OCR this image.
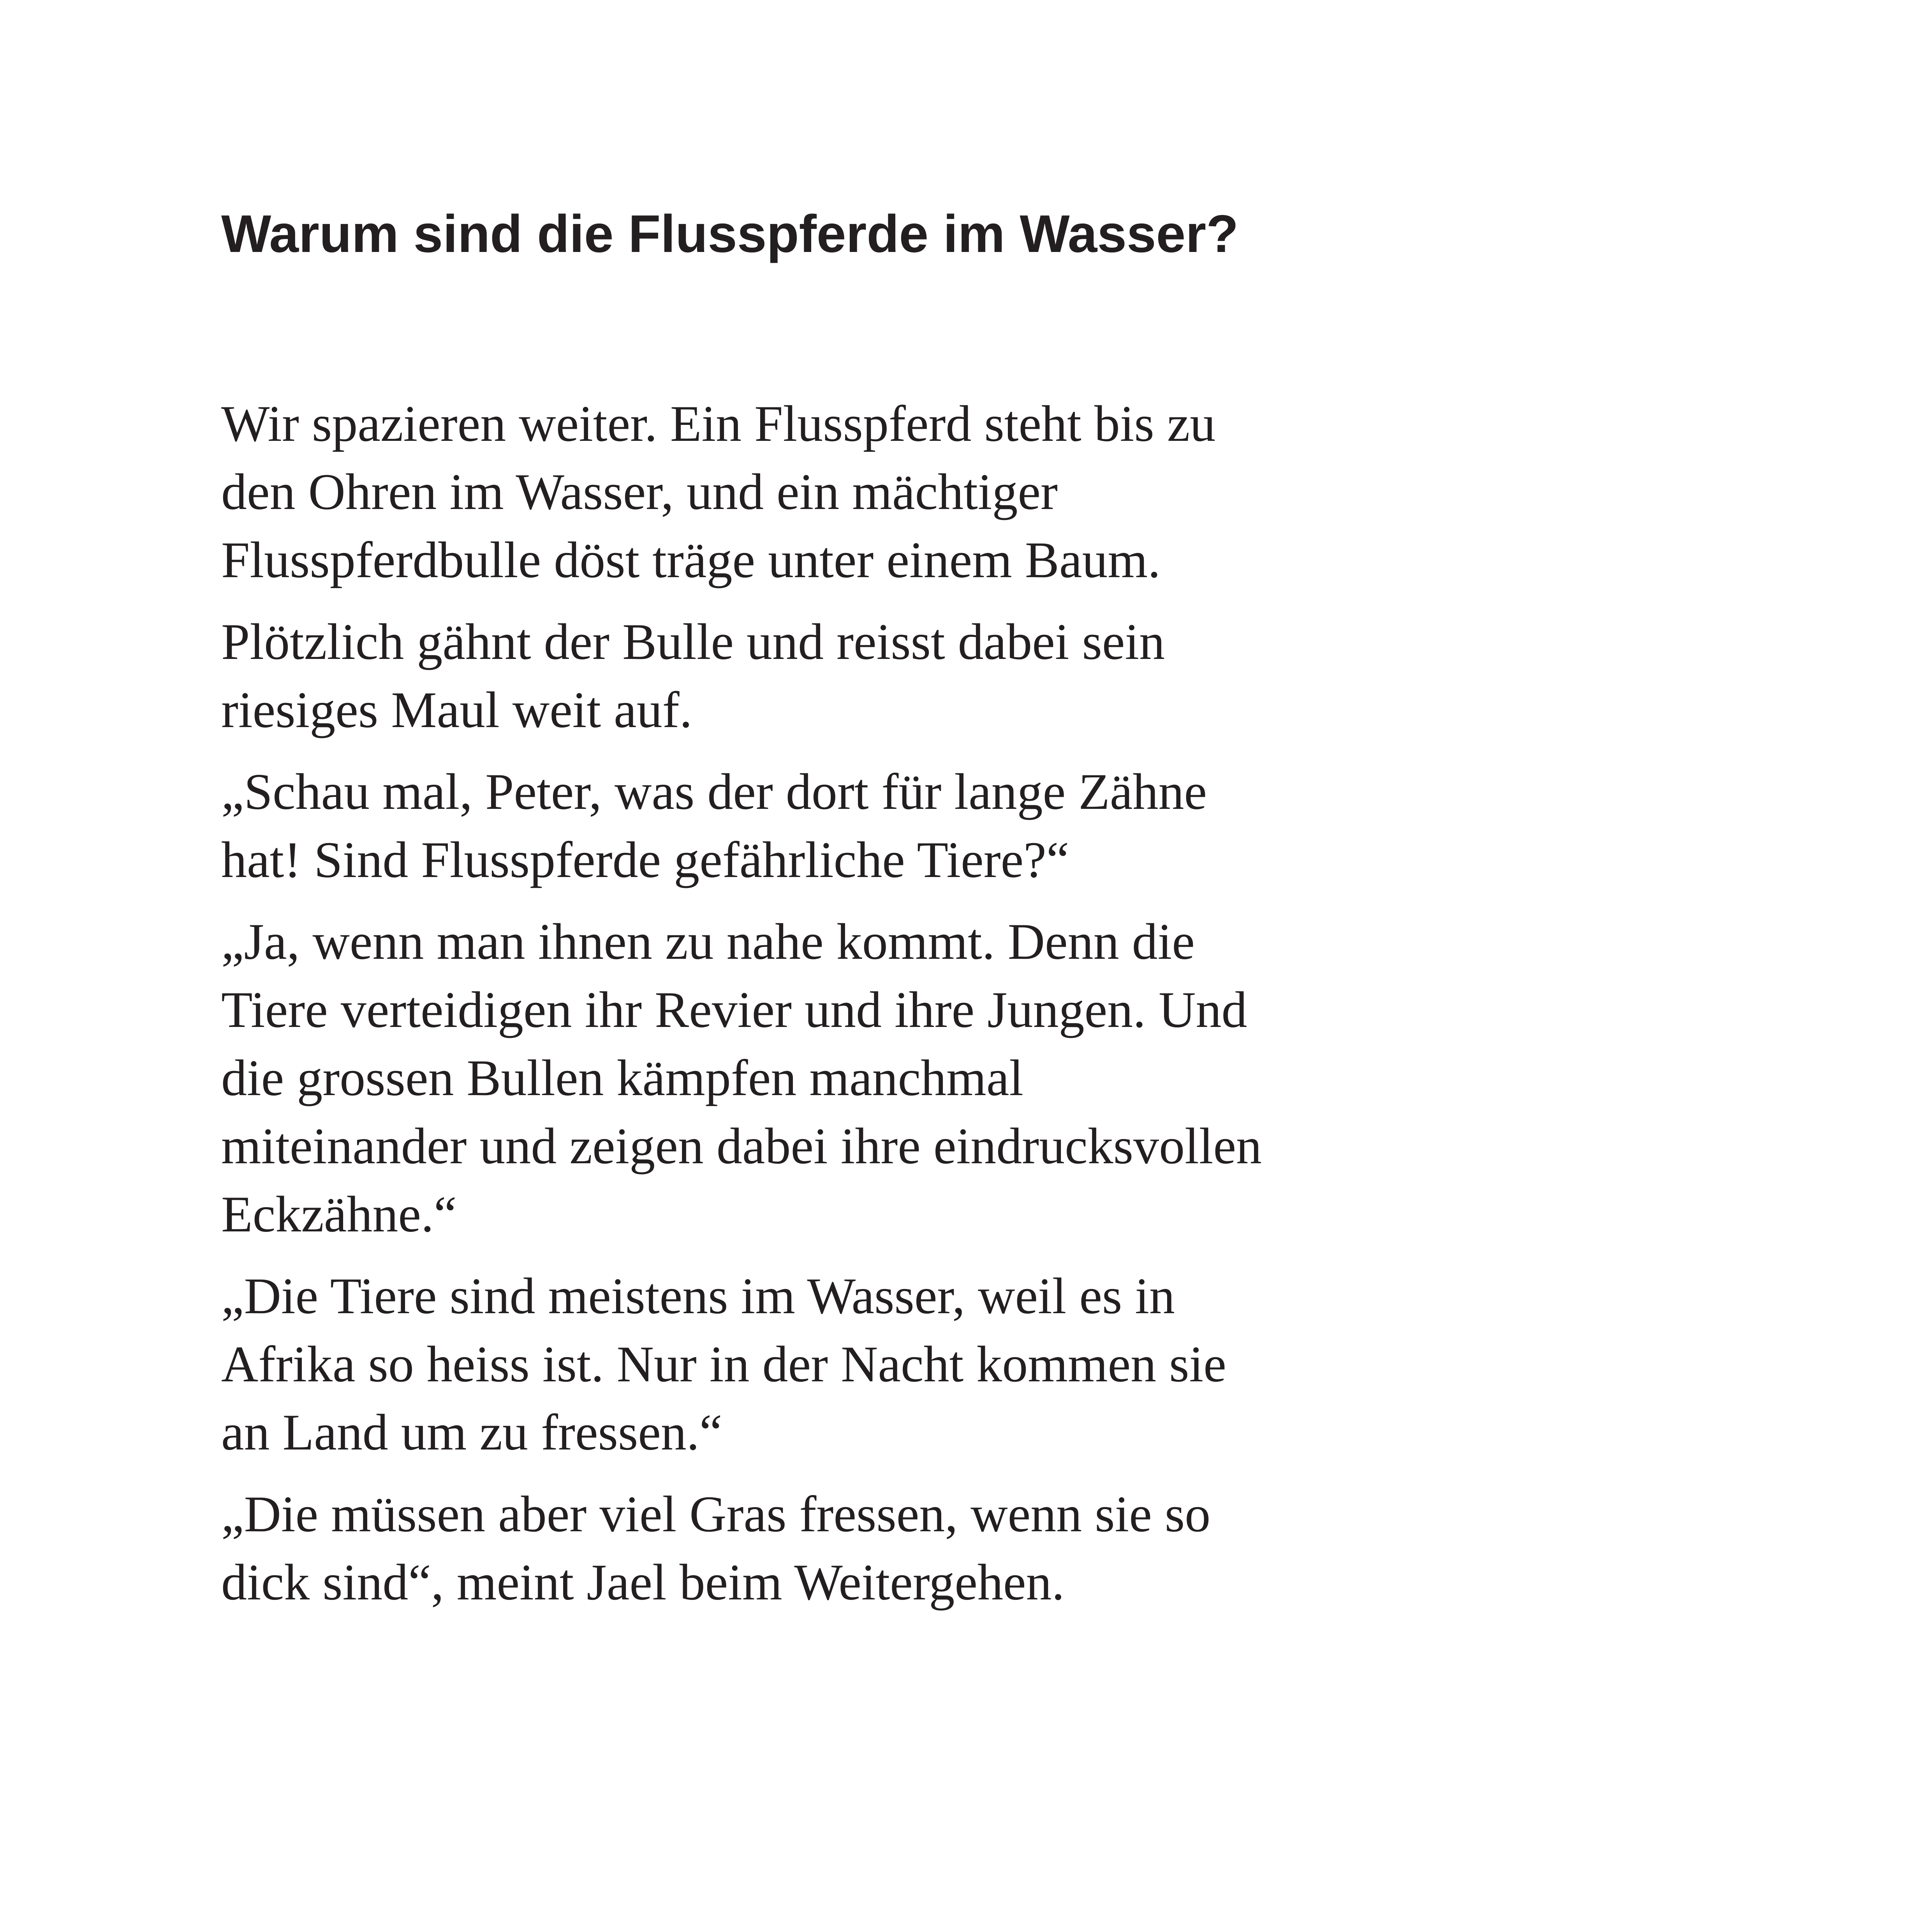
Warum sind die Flusspferde im Wasser?

Wir spazieren weiter. Ein Flusspferd steht bis zu
den Ohren im Wasser, und ein mächtiger
Flusspferdbulle döst träge unter einem Baum.

Plötzlich gähnt der Bulle und reisst dabei sein
riesiges Maul weit auf.

„Schau mal, Peter, was der dort für lange Zähne
hat! Sind Flusspferde gefährliche Tiere?“

„Ja, wenn man ihnen zu nahe kommt. Denn die
Tiere verteidigen ihr Revier und ihre Jungen. Und
die grossen Bullen kämpfen manchmal
miteinander und zeigen dabei ihre eindrucksvollen
Eckzähne.“

„Die Tiere sind meistens im Wasser, weil es in
Afrika so heiss ist. Nur in der Nacht kommen sie
an Land um zu fressen.“

„Die müssen aber viel Gras fressen, wenn sie so
dick sind“, meint Jael beim Weitergehen.
